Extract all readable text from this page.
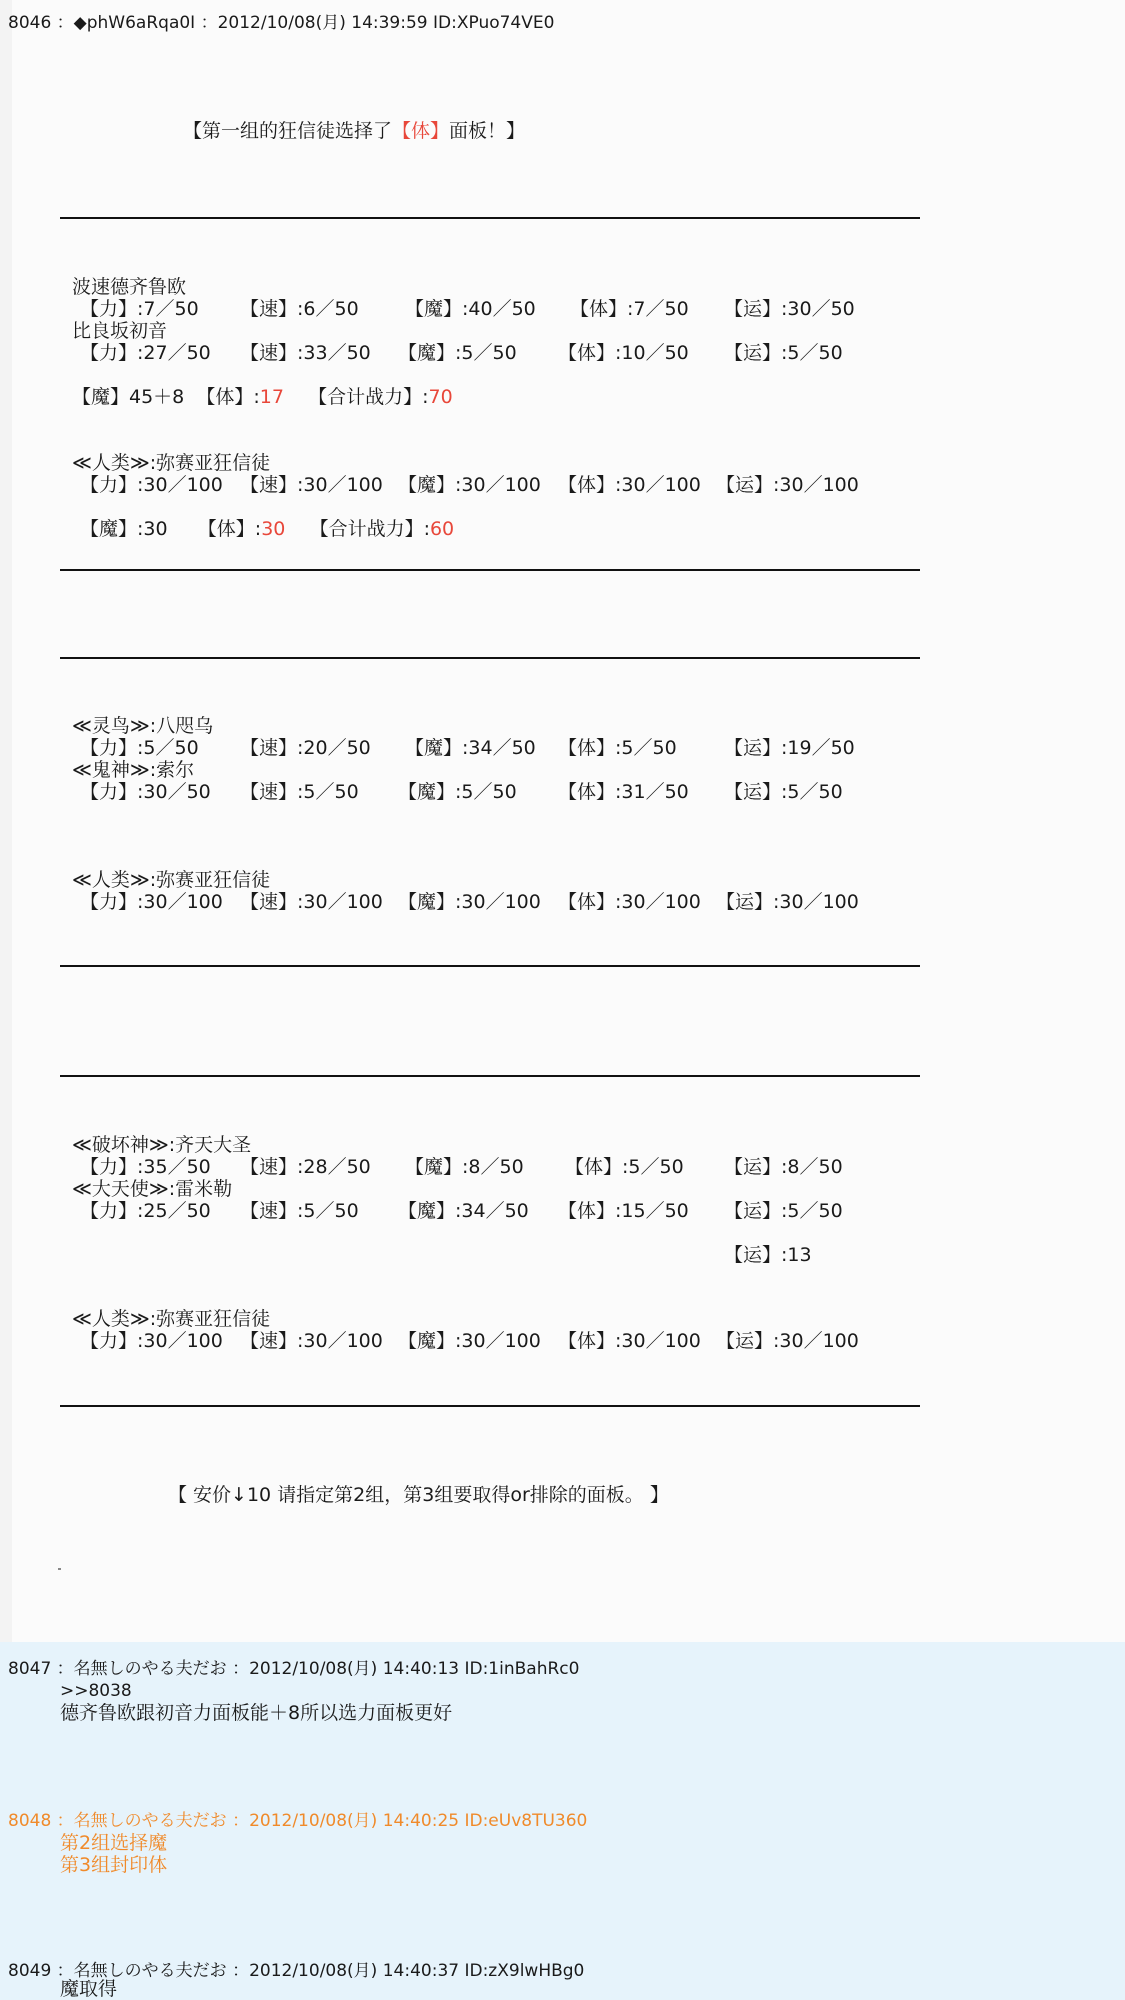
8046 ：◆phW6aRqa0I ：2012/10/08(月) 14:39:59 ID:XPuo74VE0
【第一组的狂信徒选择了【体】面板！】
波速德齐鲁欧
【力】:7／50 【速】:6／50 【魔】:40／50 【体】:7／50 【运】:30／50
比良坂初音
【力】:27／50 【速】:33／50 【魔】:5／50 【体】:10／50 【运】:5／50
【魔】45＋8 【体】:17 【合计战力】:70
≪人类≫:弥赛亚狂信徒
【力】:30／100 【速】:30／100 【魔】:30／100 【体】:30／100 【运】:30／100
【魔】:30 【体】:30 【合计战力】:60
≪灵鸟≫:八咫乌
【力】:5／50 【速】:20／50 【魔】:34／50 【体】:5／50 【运】:19／50
≪鬼神≫:索尔
【力】:30／50 【速】:5／50 【魔】:5／50 【体】:31／50 【运】:5／50
≪人类≫:弥赛亚狂信徒
【力】:30／100 【速】:30／100 【魔】:30／100 【体】:30／100 【运】:30／100
≪破坏神≫:齐天大圣
【力】:35／50 【速】:28／50 【魔】:8／50 【体】:5／50 【运】:8／50
≪大天使≫:雷米勒
【力】:25／50 【速】:5／50 【魔】:34／50 【体】:15／50 【运】:5／50
【运】:13
≪人类≫:弥赛亚狂信徒
【力】:30／100 【速】:30／100 【魔】:30／100 【体】:30／100 【运】:30／100
【 安价↓10 请指定第2组，第3组要取得or排除的面板。 】
8047 ：名無しのやる夫だお ：2012/10/08(月) 14:40:13 ID:1inBahRc0
>>8038
德齐鲁欧跟初音力面板能＋8所以选力面板更好
8048 ：名無しのやる夫だお ：2012/10/08(月) 14:40:25 ID:eUv8TU360
第2组选择魔
第3组封印体
8049 ：名無しのやる夫だお ：2012/10/08(月) 14:40:37 ID:zX9lwHBg0
魔取得
